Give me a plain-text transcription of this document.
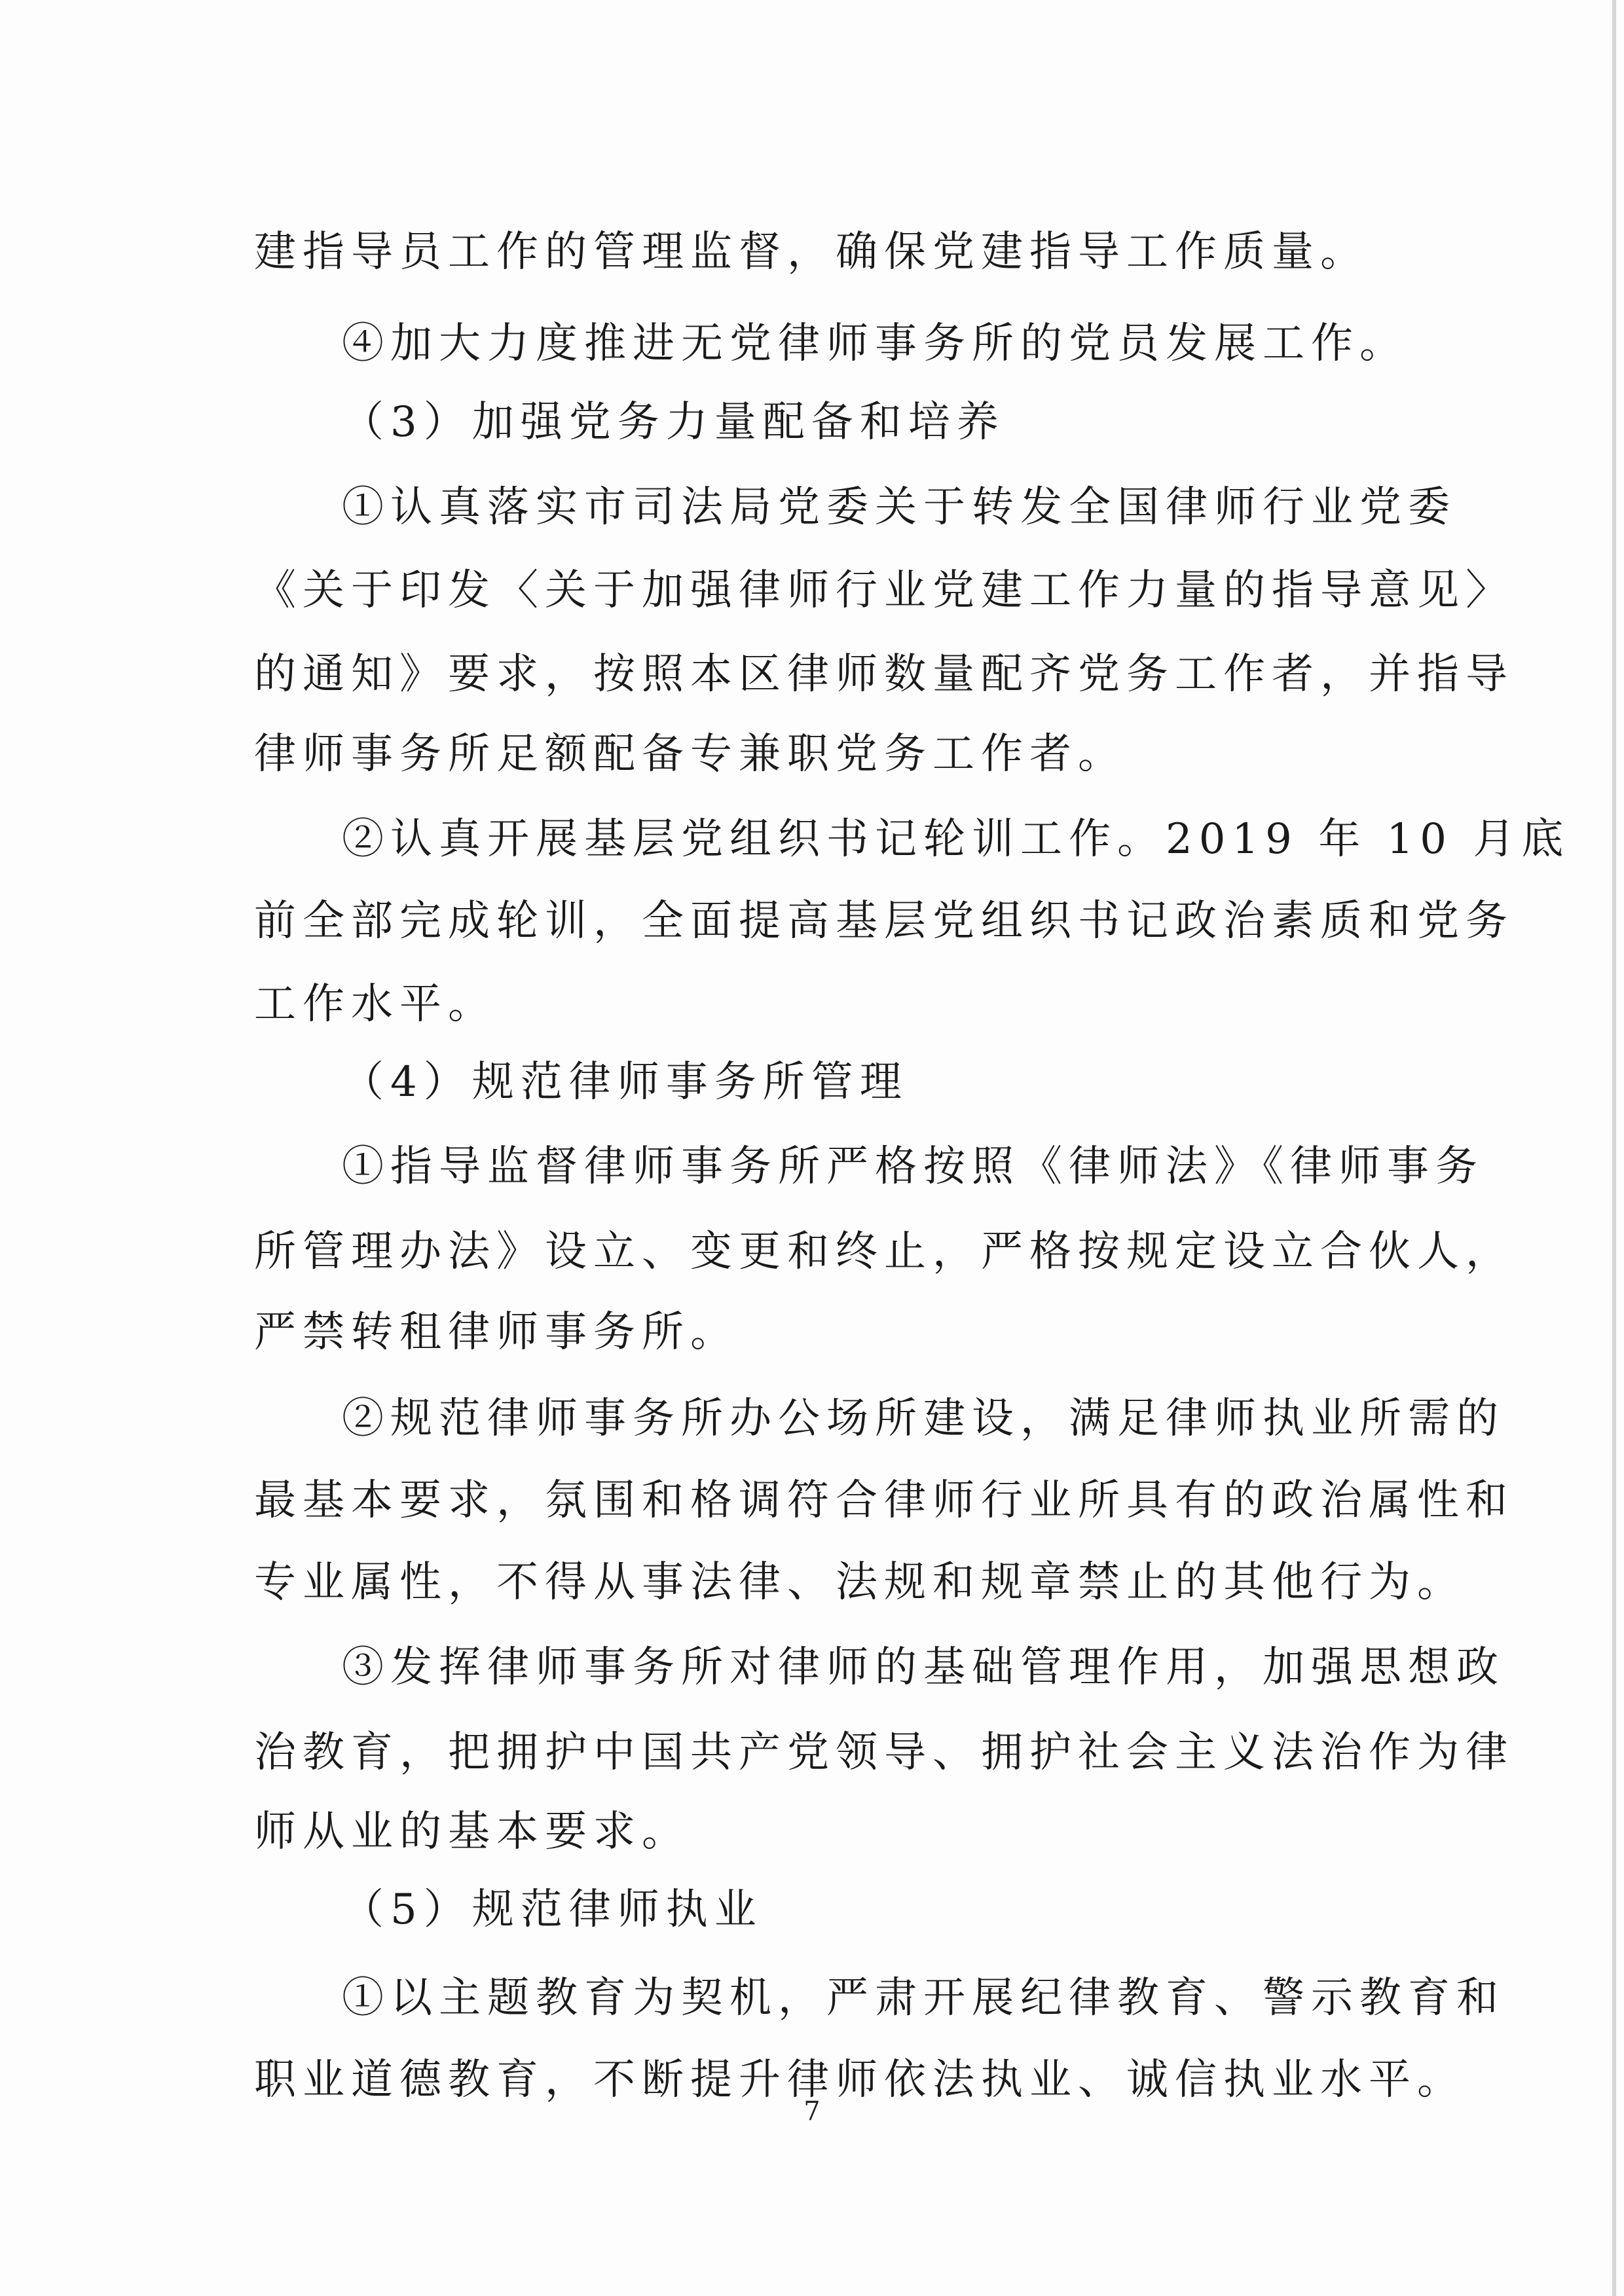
建指导员工作的管理监督，确保党建指导工作质量。
④加大力度推进无党律师事务所的党员发展工作。
（3）加强党务力量配备和培养
①认真落实市司法局党委关于转发全国律师行业党委
《关于印发〈关于加强律师行业党建工作力量的指导意见〉
的通知》要求，按照本区律师数量配齐党务工作者，并指导
律师事务所足额配备专兼职党务工作者。
②认真开展基层党组织书记轮训工作。2019 年 10 月底
前全部完成轮训，全面提高基层党组织书记政治素质和党务
工作水平。
（4）规范律师事务所管理
①指导监督律师事务所严格按照《律师法》《律师事务
所管理办法》设立、变更和终止，严格按规定设立合伙人，
严禁转租律师事务所。
②规范律师事务所办公场所建设，满足律师执业所需的
最基本要求，氛围和格调符合律师行业所具有的政治属性和
专业属性，不得从事法律、法规和规章禁止的其他行为。
③发挥律师事务所对律师的基础管理作用，加强思想政
治教育，把拥护中国共产党领导、拥护社会主义法治作为律
师从业的基本要求。
（5）规范律师执业
①以主题教育为契机，严肃开展纪律教育、警示教育和
职业道德教育，不断提升律师依法执业、诚信执业水平。
7
